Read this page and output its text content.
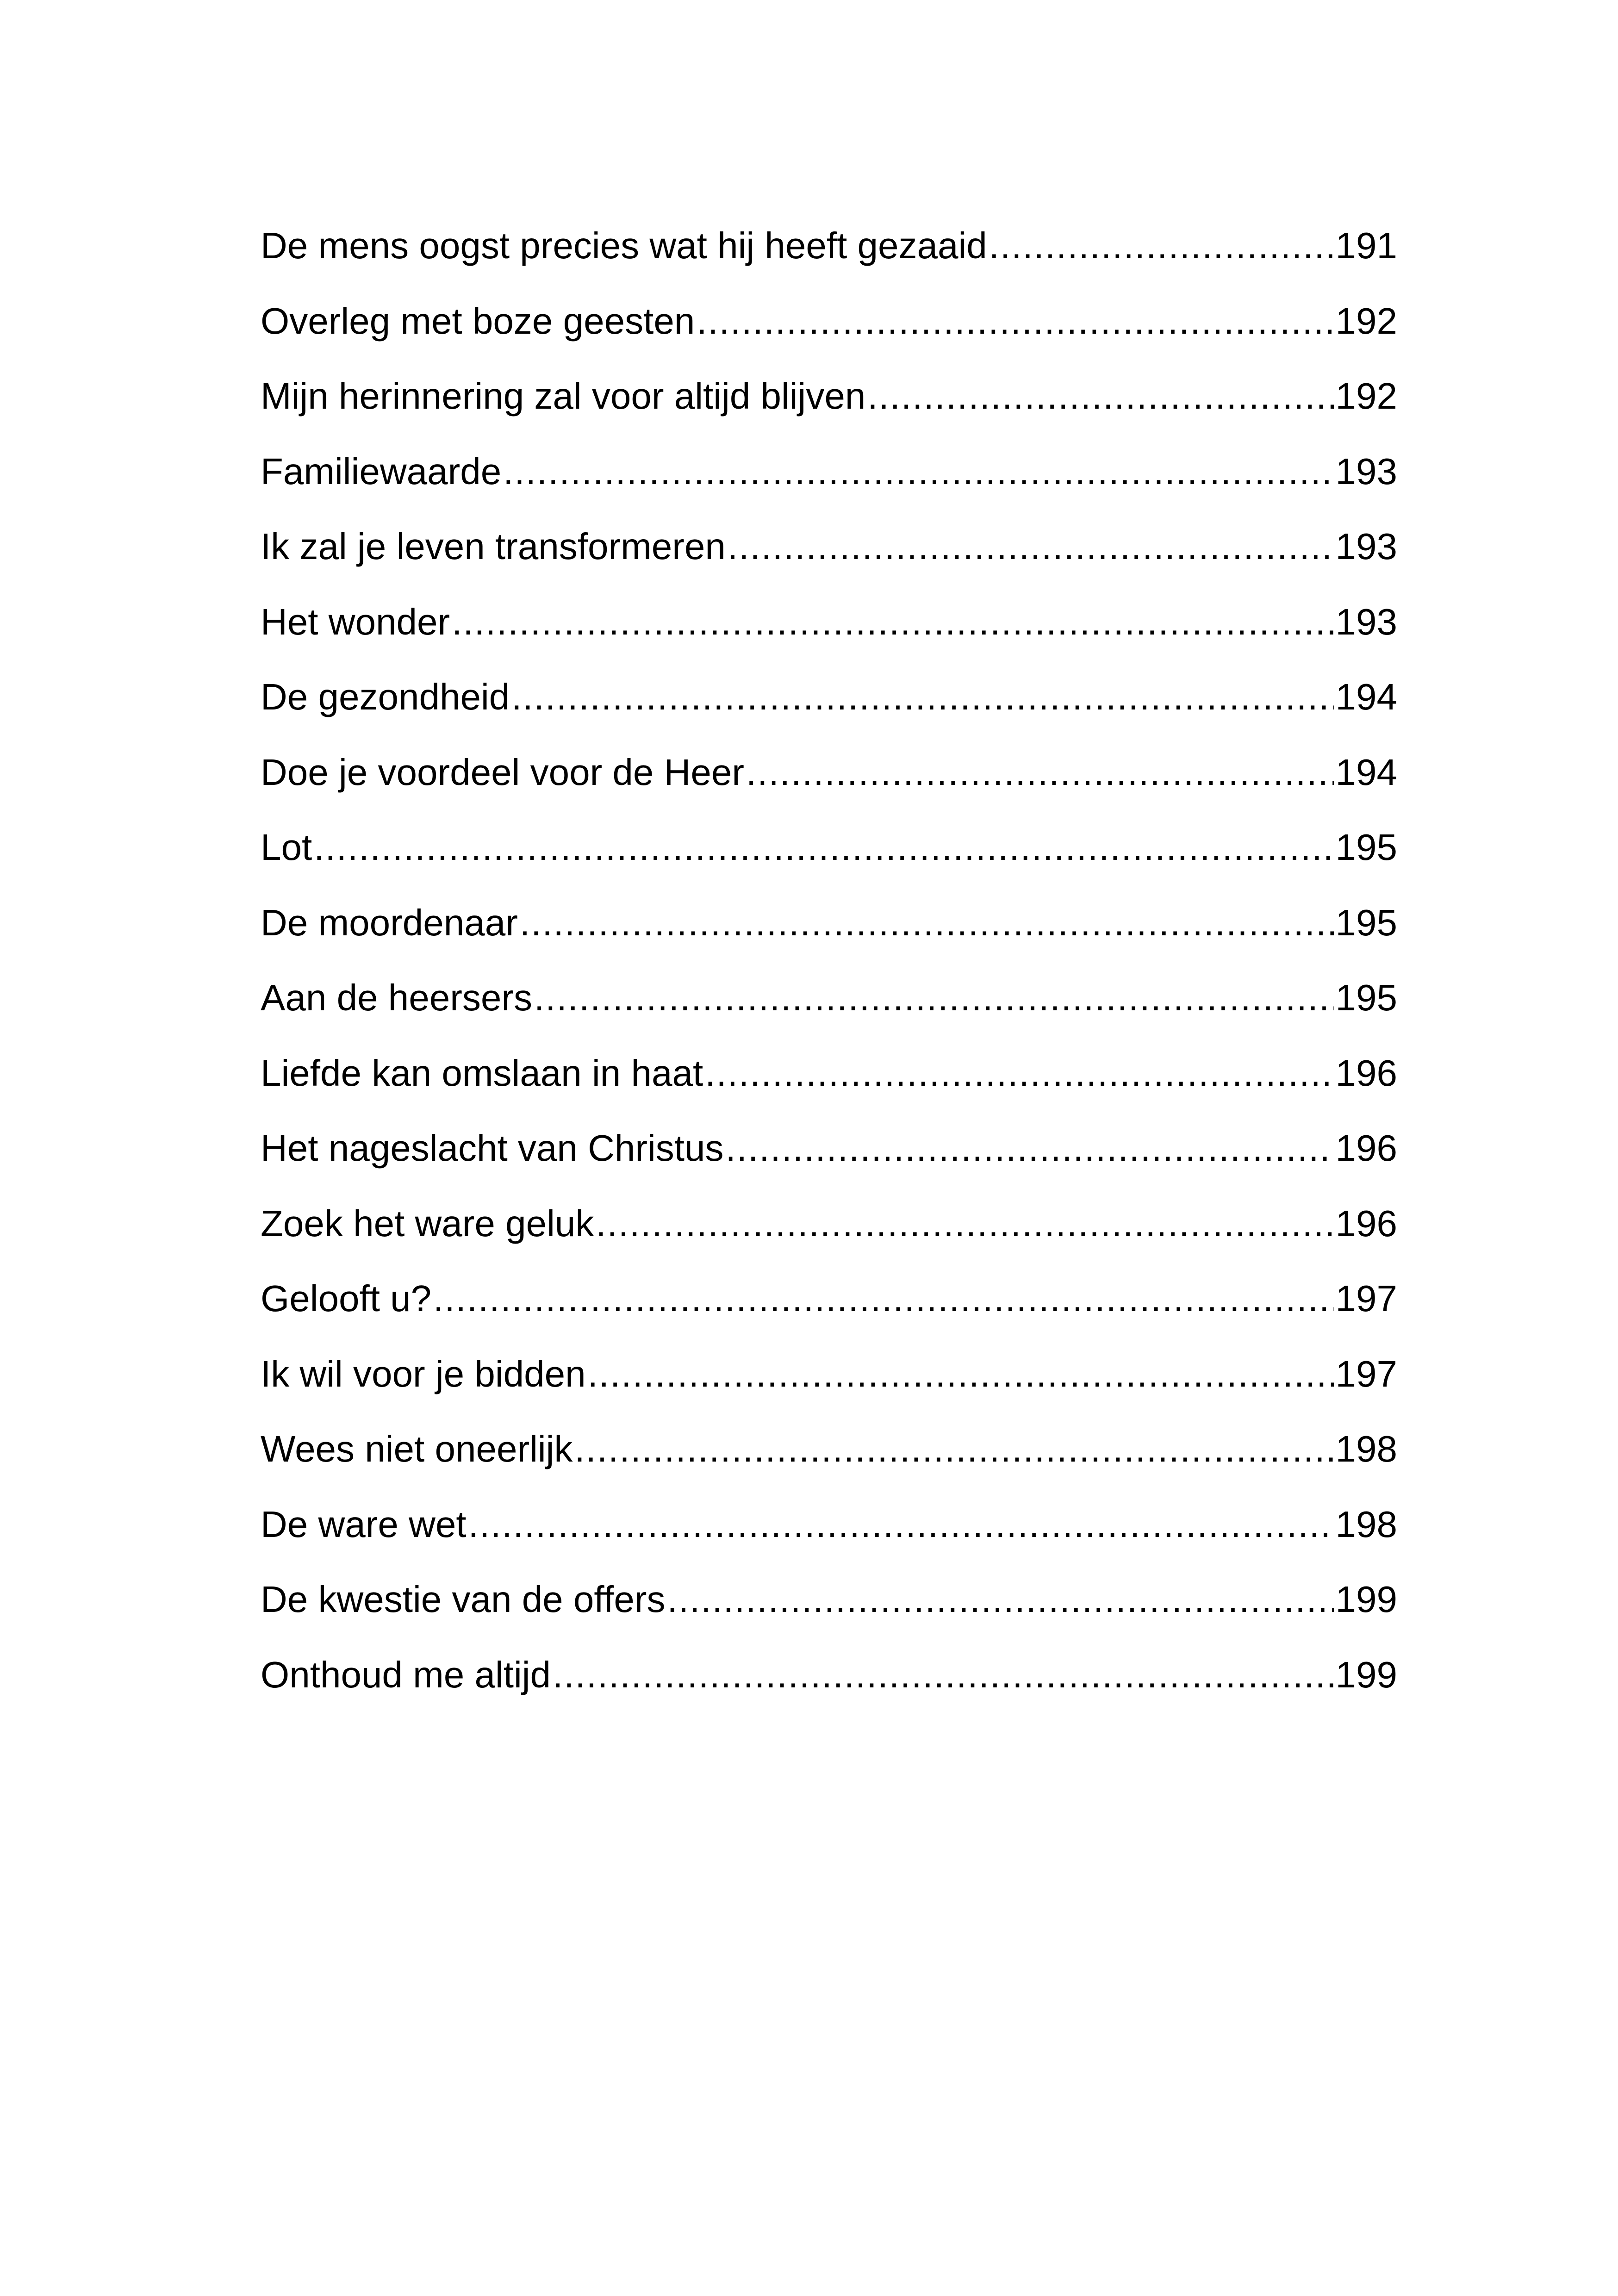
De mens oogst precies wat hij heeft gezaaid .....	191
Overleg met boze geesten .....	192
Mijn herinnering zal voor altijd blijven .....	192
Familiewaarde .....	193
Ik zal je leven transformeren .....	193
Het wonder .....	193
De gezondheid .....	194
Doe je voordeel voor de Heer .....	194
Lot .....	195
De moordenaar .....	195
Aan de heersers .....	195
Liefde kan omslaan in haat .....	196
Het nageslacht van Christus .....	196
Zoek het ware geluk .....	196
Gelooft u? .....	197
Ik wil voor je bidden .....	197
Wees niet oneerlijk .....	198
De ware wet .....	198
De kwestie van de offers .....	199
Onthoud me altijd .....	199
